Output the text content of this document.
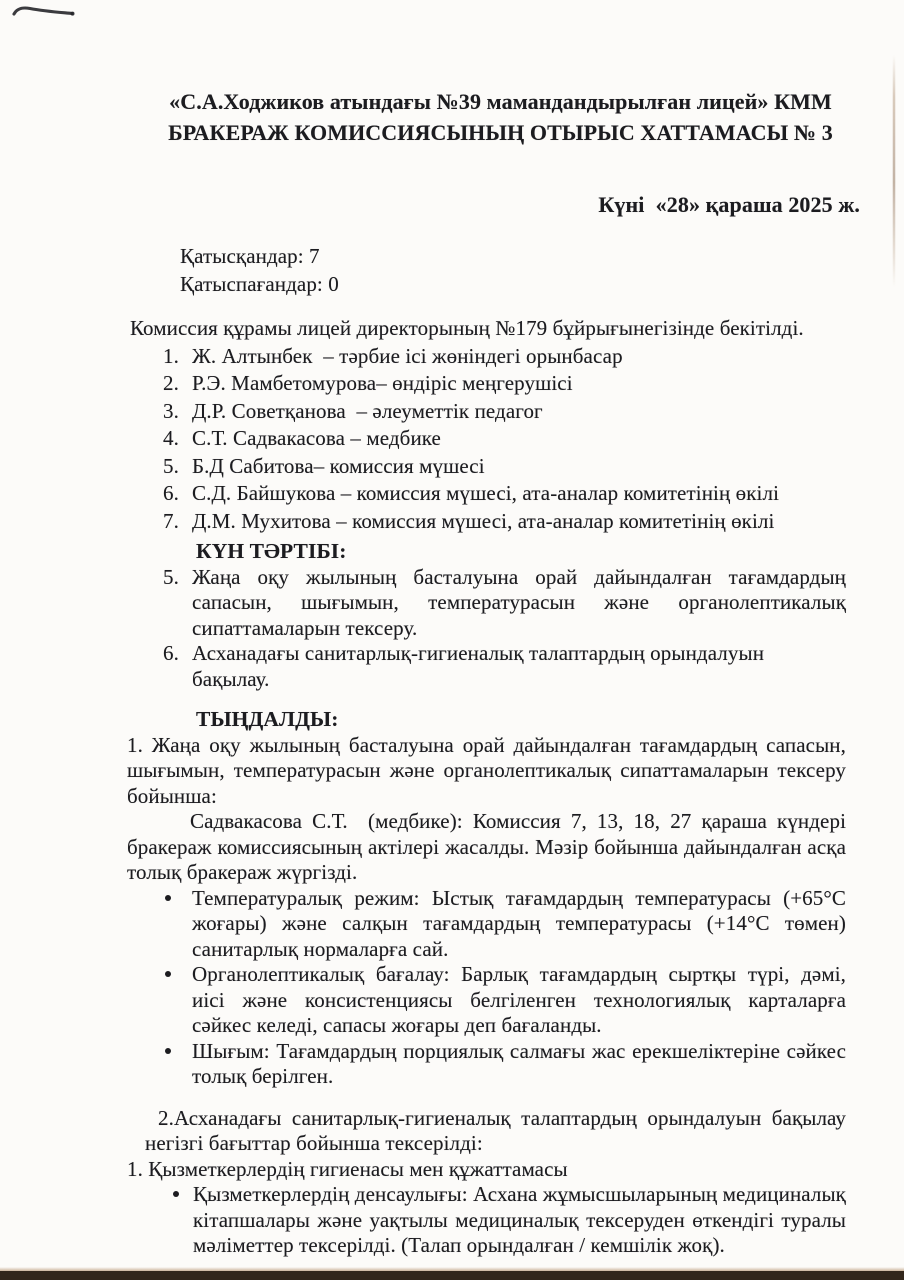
«С.А.Ходжиков атындағы №39 мамандандырылған лицей» КММ
БРАКЕРАЖ КОМИССИЯСЫНЫҢ ОТЫРЫС ХАТТАМАСЫ № 3
Күні  «28» қараша 2025 ж.
Қатысқандар: 7
Қатыспағандар: 0
Комиссия құрамы лицей директорының №179 бұйрығынегізінде бекітілді.
1. Ж. Алтынбек  – тәрбие ісі жөніндегі орынбасар
2. Р.Э. Мамбетомурова– өндіріс меңгерушісі
3. Д.Р. Советқанова  – әлеуметтік педагог
4. С.Т. Садвакасова – медбике
5. Б.Д Сабитова– комиссия мүшесі
6. С.Д. Байшукова – комиссия мүшесі, ата-аналар комитетінің өкілі
7. Д.М. Мухитова – комиссия мүшесі, ата-аналар комитетінің өкілі
КҮН ТӘРТІБІ:
5. Жаңа оқу жылының басталуына орай дайындалған тағамдардың сапасын, шығымын, температурасын және органолептикалық сипаттамаларын тексеру.
6. Асханадағы санитарлық-гигиеналық талаптардың орындалуын бақылау.
ТЫҢДАЛДЫ:

1. Жаңа оқу жылының басталуына орай дайындалған тағамдардың сапасын, шығымын, температурасын және органолептикалық сипаттамаларын тексеру бойынша:

Садвакасова С.Т.  (медбике): Комиссия 7, 13, 18, 27 қараша күндері бракераж комиссиясының актілері жасалды. Мәзір бойынша дайындалған асқа толық бракераж жүргізді.

Температуралық режим: Ыстық тағамдардың температурасы (+65°С жоғары) және салқын тағамдардың температурасы (+14°С төмен) санитарлық нормаларға сай.
Органолептикалық бағалау: Барлық тағамдардың сыртқы түрі, дәмі, иісі және консистенциясы белгіленген технологиялық карталарға сәйкес келеді, сапасы жоғары деп бағаланды.
Шығым: Тағамдардың порциялық салмағы жас ерекшеліктеріне сәйкес толық берілген.

2.Асханадағы санитарлық-гигиеналық талаптардың орындалуын бақылау негізгі бағыттар бойынша тексерілді:

1. Қызметкерлердің гигиенасы мен құжаттамасы
Қызметкерлердің денсаулығы: Асхана жұмысшыларының медициналық кітапшалары және уақтылы медициналық тексеруден өткендігі туралы мәліметтер тексерілді. (Талап орындалған / кемшілік жоқ).
